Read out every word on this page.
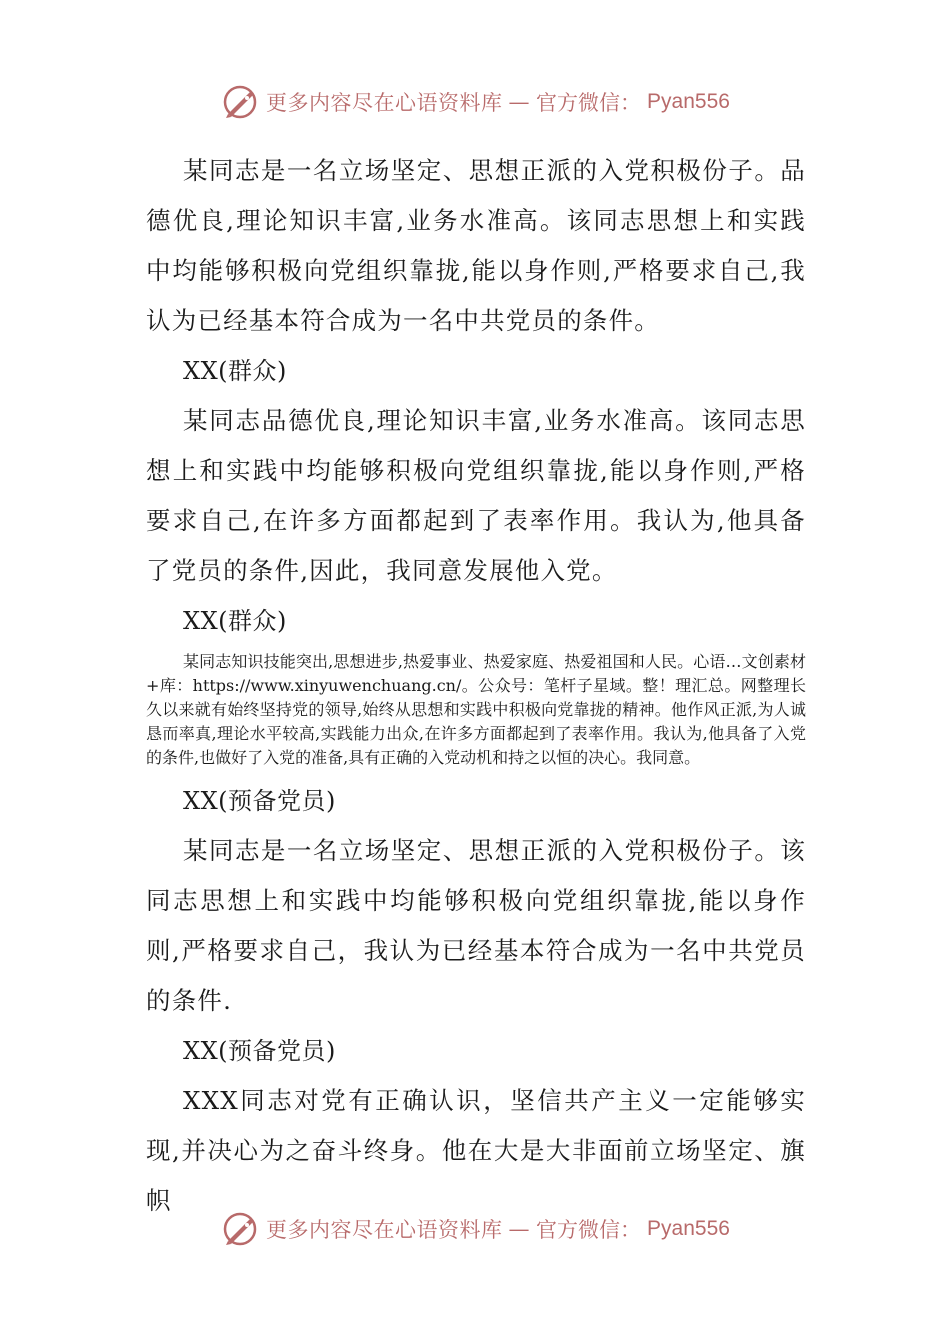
更多内容尽在心语资料库 — 官方微信： Pyan556

某同志是一名立场坚定、思想正派的入党积极份子。品德优良,理论知识丰富,业务水准高。该同志思想上和实践中均能够积极向党组织靠拢,能以身作则,严格要求自己,我认为已经基本符合成为一名中共党员的条件。

XX(群众)

某同志品德优良,理论知识丰富,业务水准高。该同志思想上和实践中均能够积极向党组织靠拢,能以身作则,严格要求自己,在许多方面都起到了表率作用。我认为,他具备了党员的条件,因此，我同意发展他入党。

XX(群众)

某同志知识技能突出,思想进步,热爱事业、热爱家庭、热爱祖国和人民。心语…文创素材+库：https://www.xinyuwenchuang.cn/。公众号：笔杆子星域。整！理汇总。网整理长久以来就有始终坚持党的领导,始终从思想和实践中积极向党靠拢的精神。他作风正派,为人诚恳而率真,理论水平较高,实践能力出众,在许多方面都起到了表率作用。我认为,他具备了入党的条件,也做好了入党的准备,具有正确的入党动机和持之以恒的决心。我同意。

XX(预备党员)

某同志是一名立场坚定、思想正派的入党积极份子。该同志思想上和实践中均能够积极向党组织靠拢,能以身作则,严格要求自己，我认为已经基本符合成为一名中共党员的条件.

XX(预备党员)

XXX同志对党有正确认识，坚信共产主义一定能够实现,并决心为之奋斗终身。他在大是大非面前立场坚定、旗帜

更多内容尽在心语资料库 — 官方微信： Pyan556
